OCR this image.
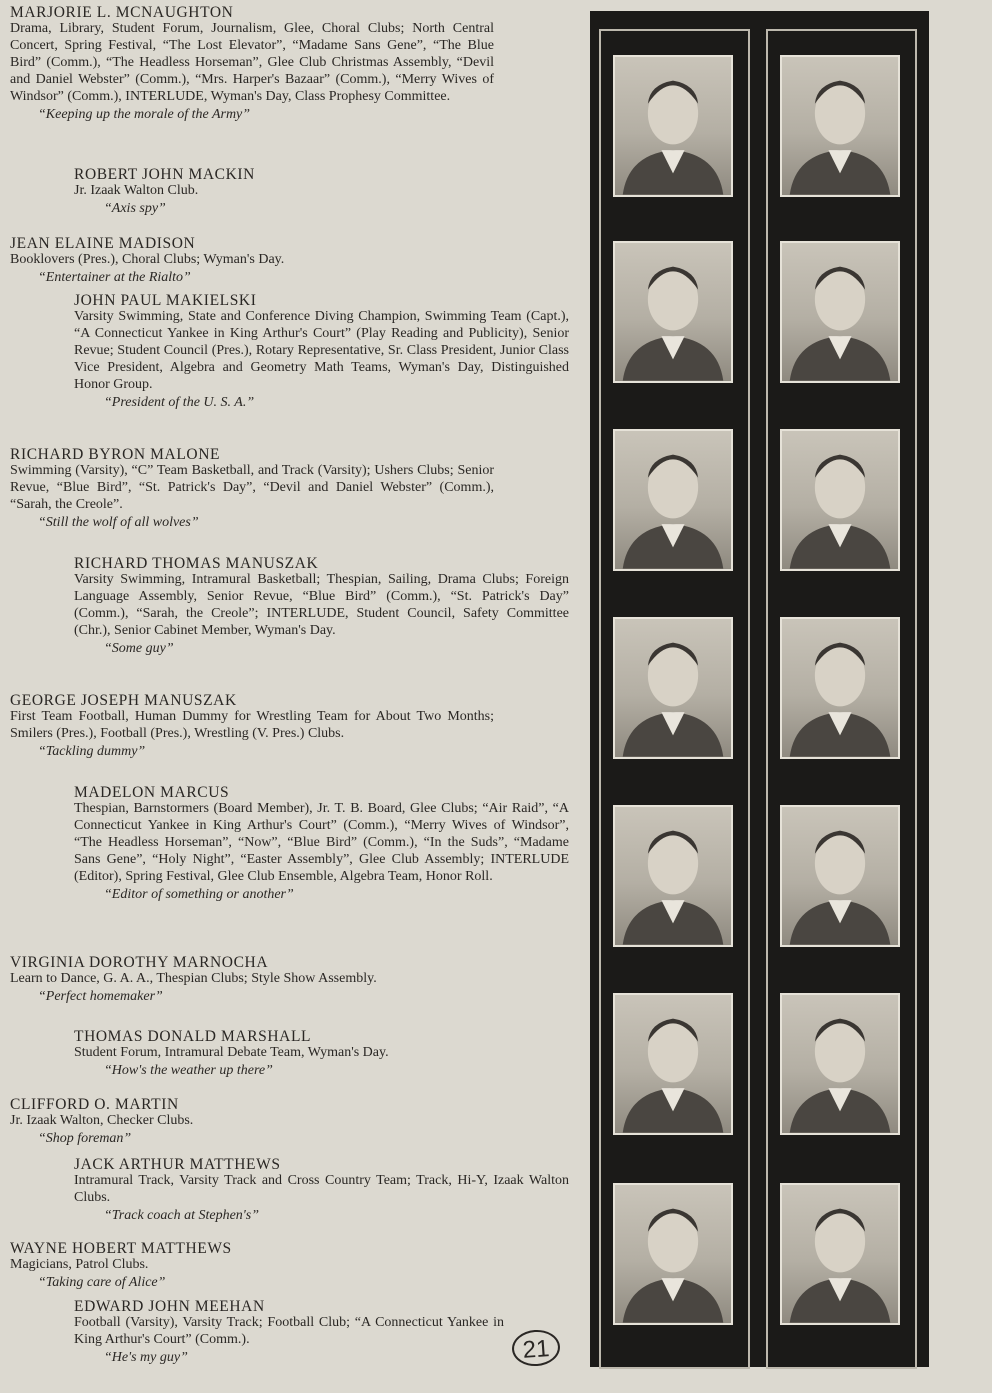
MARJORIE L. MCNAUGHTON

Drama, Library, Student Forum, Journalism, Glee, Choral Clubs; North Central Concert, Spring Festival, “The Lost Elevator”, “Madame Sans Gene”, “The Blue Bird” (Comm.), “The Headless Horseman”, Glee Club Christmas Assembly, “Devil and Daniel Webster” (Comm.), “Mrs. Harper's Bazaar” (Comm.), “Merry Wives of Windsor” (Comm.), INTERLUDE, Wyman's Day, Class Prophesy Committee.

“Keeping up the morale of the Army”

ROBERT JOHN MACKIN

Jr. Izaak Walton Club.

“Axis spy”

JEAN ELAINE MADISON

Booklovers (Pres.), Choral Clubs; Wyman's Day.

“Entertainer at the Rialto”

JOHN PAUL MAKIELSKI

Varsity Swimming, State and Conference Diving Champion, Swimming Team (Capt.), “A Connecticut Yankee in King Arthur's Court” (Play Reading and Publicity), Senior Revue; Student Council (Pres.), Rotary Representative, Sr. Class President, Junior Class Vice President, Algebra and Geometry Math Teams, Wyman's Day, Distinguished Honor Group.

“President of the U. S. A.”

RICHARD BYRON MALONE

Swimming (Varsity), “C” Team Basketball, and Track (Varsity); Ushers Clubs; Senior Revue, “Blue Bird”, “St. Patrick's Day”, “Devil and Daniel Webster” (Comm.), “Sarah, the Creole”.

“Still the wolf of all wolves”

RICHARD THOMAS MANUSZAK

Varsity Swimming, Intramural Basketball; Thespian, Sailing, Drama Clubs; Foreign Language Assembly, Senior Revue, “Blue Bird” (Comm.), “St. Patrick's Day” (Comm.), “Sarah, the Creole”; INTERLUDE, Student Council, Safety Committee (Chr.), Senior Cabinet Member, Wyman's Day.

“Some guy”

GEORGE JOSEPH MANUSZAK

First Team Football, Human Dummy for Wrestling Team for About Two Months; Smilers (Pres.), Football (Pres.), Wrestling (V. Pres.) Clubs.

“Tackling dummy”

MADELON MARCUS

Thespian, Barnstormers (Board Member), Jr. T. B. Board, Glee Clubs; “Air Raid”, “A Connecticut Yankee in King Arthur's Court” (Comm.), “Merry Wives of Windsor”, “The Headless Horseman”, “Now”, “Blue Bird” (Comm.), “In the Suds”, “Madame Sans Gene”, “Holy Night”, “Easter Assembly”, Glee Club Assembly; INTERLUDE (Editor), Spring Festival, Glee Club Ensemble, Algebra Team, Honor Roll.

“Editor of something or another”

VIRGINIA DOROTHY MARNOCHA

Learn to Dance, G. A. A., Thespian Clubs; Style Show Assembly.

“Perfect homemaker”

THOMAS DONALD MARSHALL

Student Forum, Intramural Debate Team, Wyman's Day.

“How's the weather up there”

CLIFFORD O. MARTIN

Jr. Izaak Walton, Checker Clubs.

“Shop foreman”

JACK ARTHUR MATTHEWS

Intramural Track, Varsity Track and Cross Country Team; Track, Hi-Y, Izaak Walton Clubs.

“Track coach at Stephen's”

WAYNE HOBERT MATTHEWS

Magicians, Patrol Clubs.

“Taking care of Alice”

EDWARD JOHN MEEHAN

Football (Varsity), Varsity Track; Football Club; “A Connecticut Yankee in King Arthur's Court” (Comm.).

“He's my guy”	21
